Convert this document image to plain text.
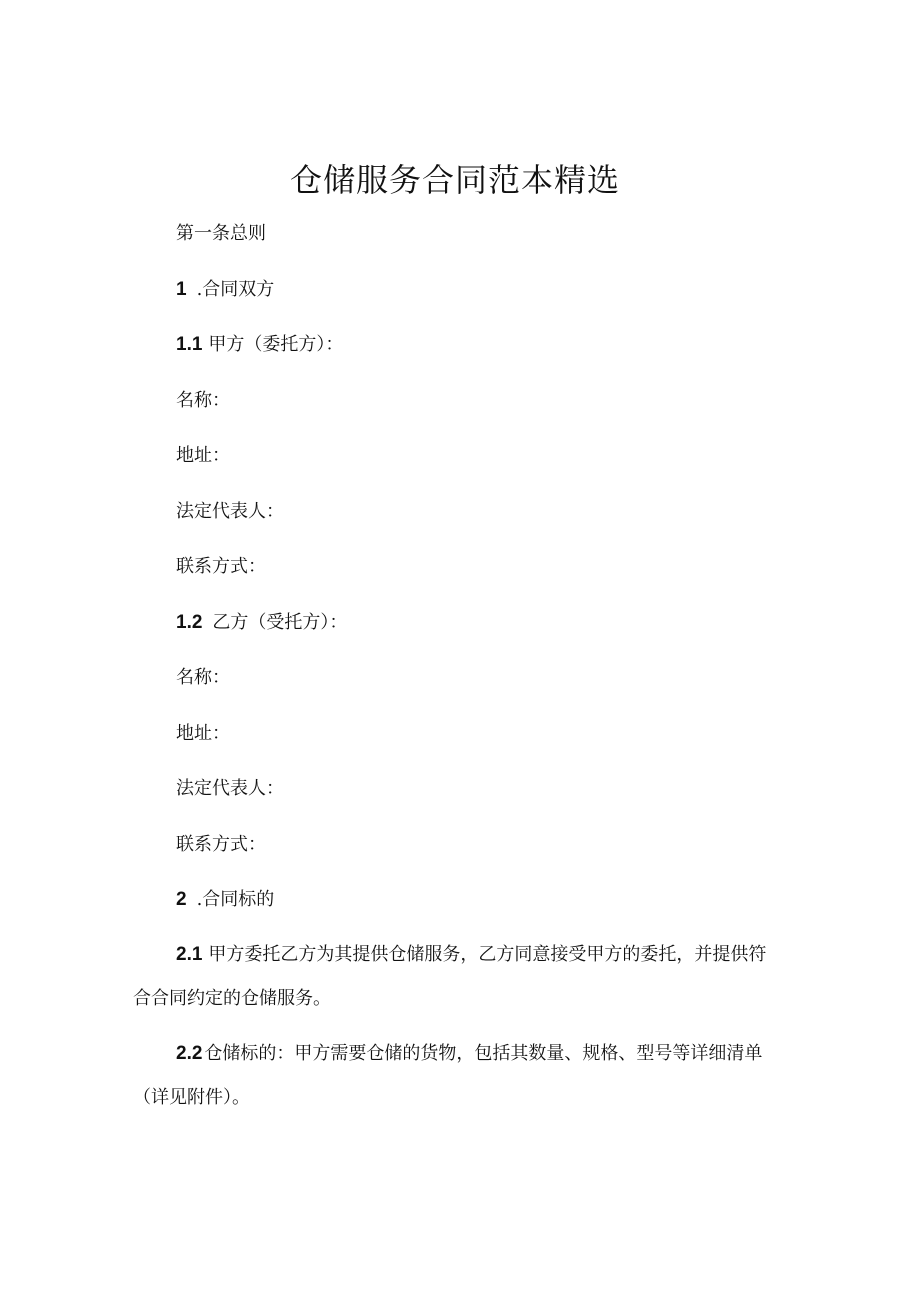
仓储服务合同范本精选

第一条总则

1 .合同双方

1.1 甲方（委托方）：

名称：

地址：

法定代表人：

联系方式：

1.2 乙方（受托方）：

名称：

地址：

法定代表人：

联系方式：

2 .合同标的

2.1 甲方委托乙方为其提供仓储服务，乙方同意接受甲方的委托，并提供符合合同约定的仓储服务。

2.2 仓储标的：甲方需要仓储的货物，包括其数量、规格、型号等详细清单（详见附件）。
